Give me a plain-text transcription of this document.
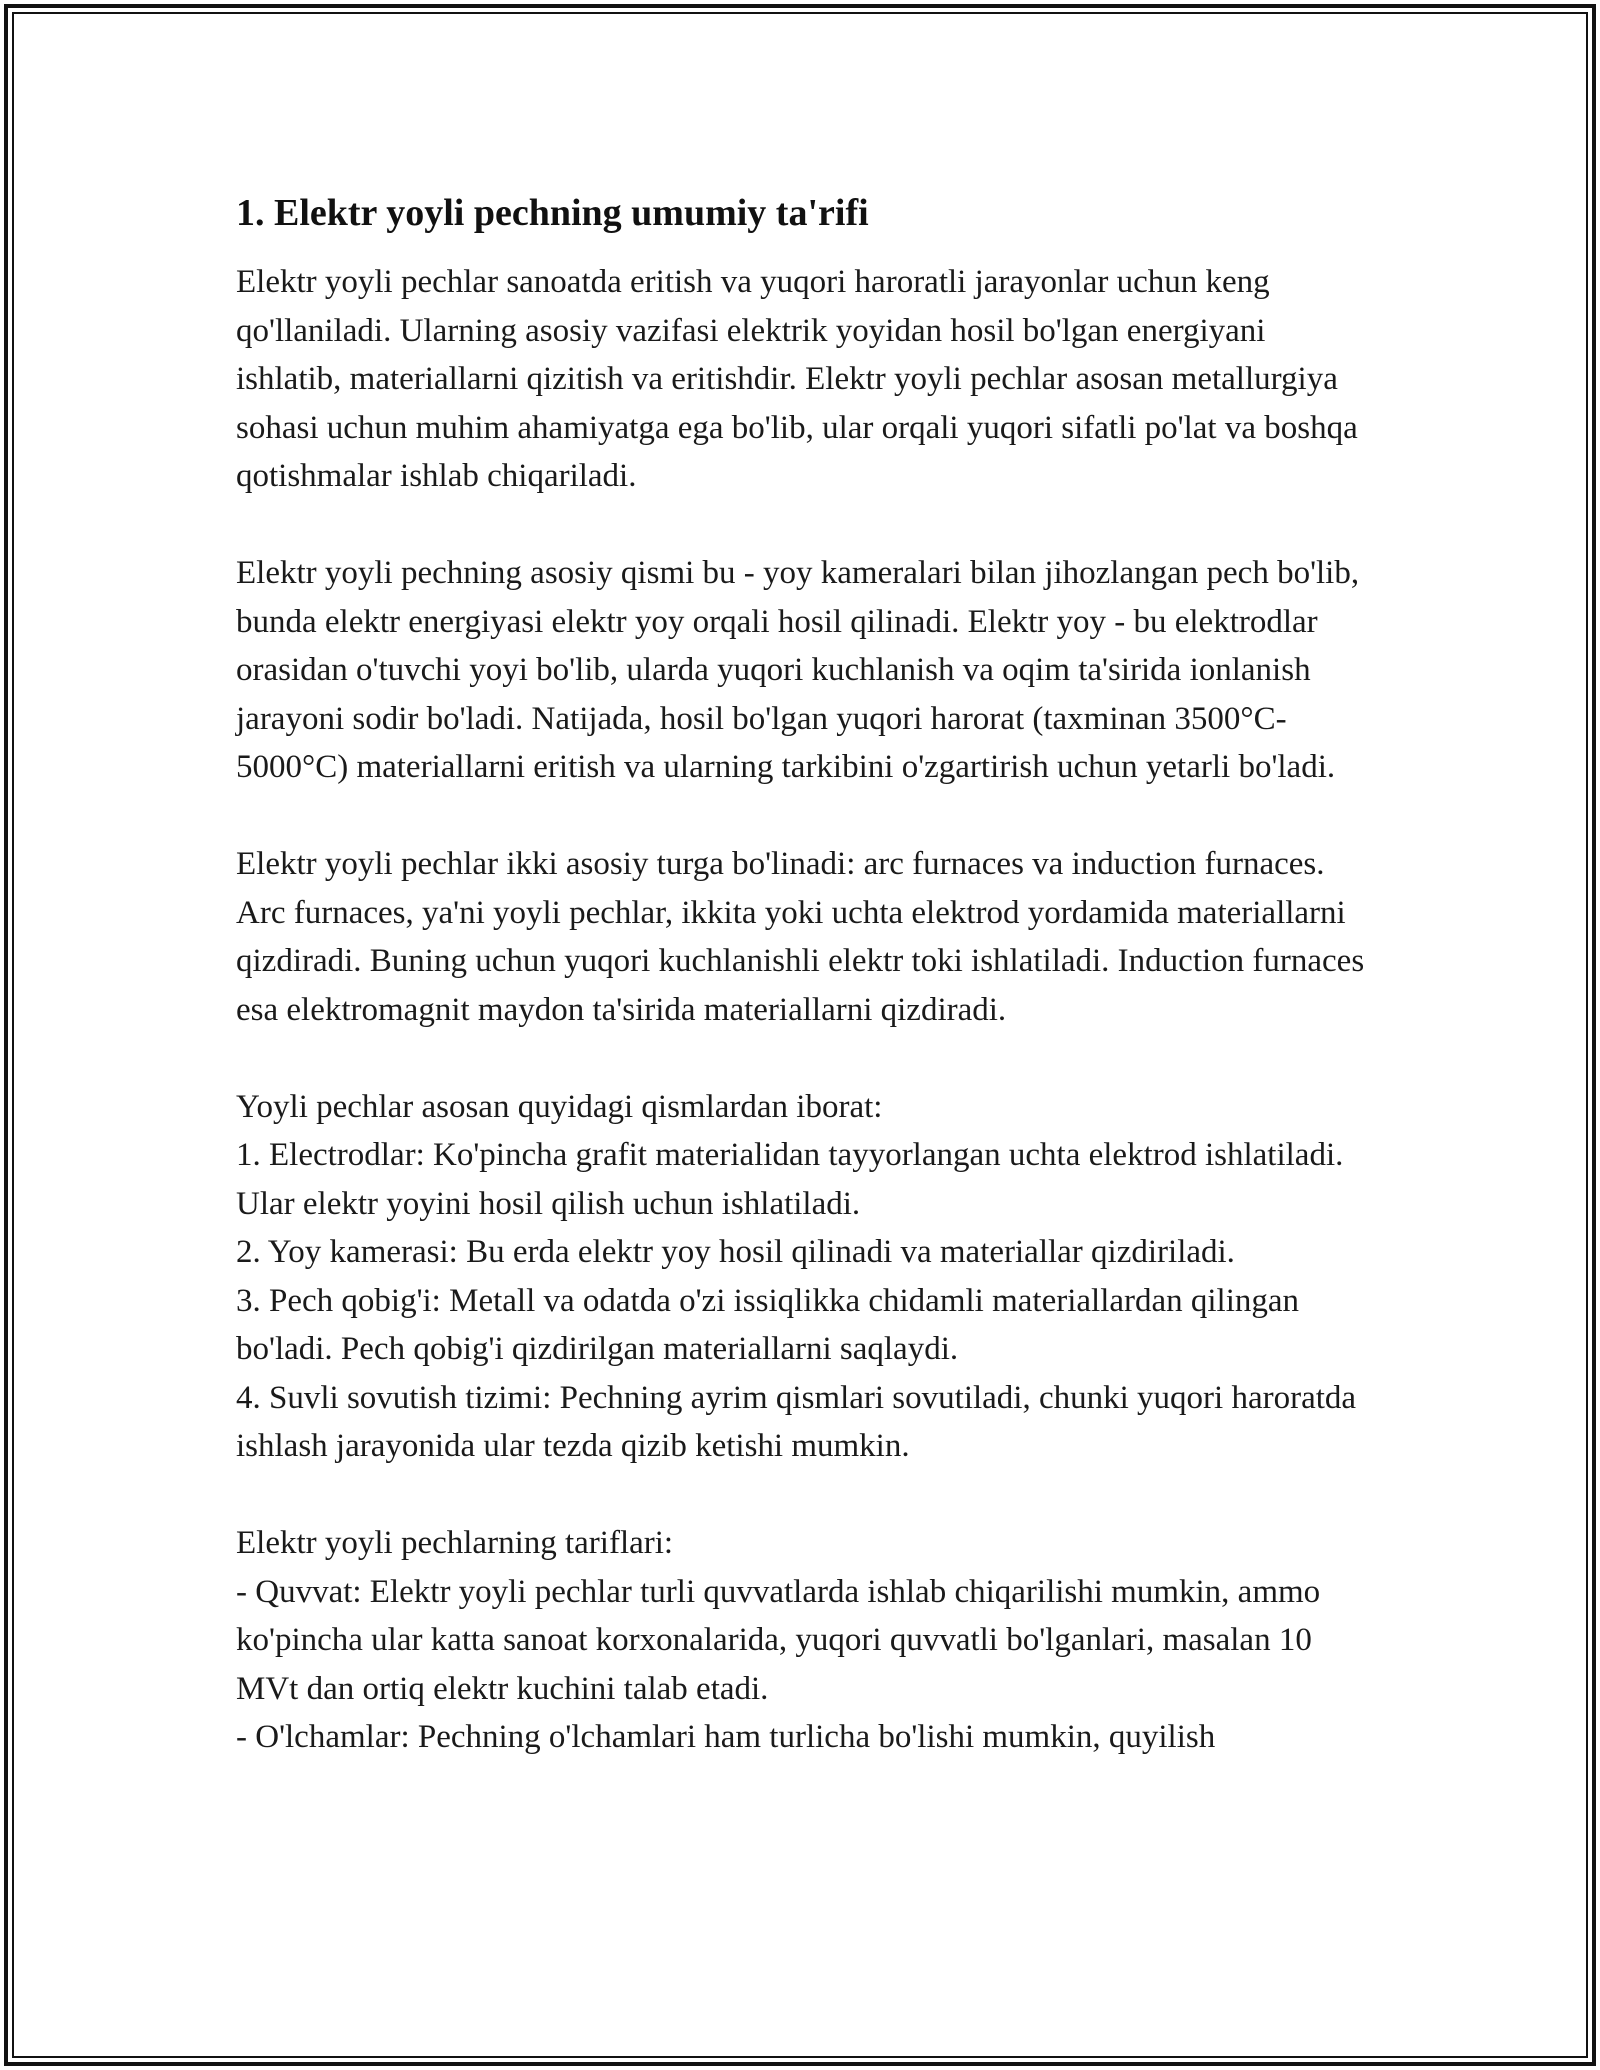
1. Elektr yoyli pechning umumiy ta'rifi

Elektr yoyli pechlar sanoatda eritish va yuqori haroratli jarayonlar uchun keng qo'llaniladi. Ularning asosiy vazifasi elektrik yoyidan hosil bo'lgan energiyani ishlatib, materiallarni qizitish va eritishdir. Elektr yoyli pechlar asosan metallurgiya sohasi uchun muhim ahamiyatga ega bo'lib, ular orqali yuqori sifatli po'lat va boshqa qotishmalar ishlab chiqariladi.

Elektr yoyli pechning asosiy qismi bu - yoy kameralari bilan jihozlangan pech bo'lib, bunda elektr energiyasi elektr yoy orqali hosil qilinadi. Elektr yoy - bu elektrodlar orasidan o'tuvchi yoyi bo'lib, ularda yuqori kuchlanish va oqim ta'sirida ionlanish jarayoni sodir bo'ladi. Natijada, hosil bo'lgan yuqori harorat (taxminan 3500°C-5000°C) materiallarni eritish va ularning tarkibini o'zgartirish uchun yetarli bo'ladi.

Elektr yoyli pechlar ikki asosiy turga bo'linadi: arc furnaces va induction furnaces. Arc furnaces, ya'ni yoyli pechlar, ikkita yoki uchta elektrod yordamida materiallarni qizdiradi. Buning uchun yuqori kuchlanishli elektr toki ishlatiladi. Induction furnaces esa elektromagnit maydon ta'sirida materiallarni qizdiradi.

Yoyli pechlar asosan quyidagi qismlardan iborat:
1. Electrodlar: Ko'pincha grafit materialidan tayyorlangan uchta elektrod ishlatiladi. Ular elektr yoyini hosil qilish uchun ishlatiladi.
2. Yoy kamerasi: Bu erda elektr yoy hosil qilinadi va materiallar qizdiriladi.
3. Pech qobig'i: Metall va odatda o'zi issiqlikka chidamli materiallardan qilingan bo'ladi. Pech qobig'i qizdirilgan materiallarni saqlaydi.
4. Suvli sovutish tizimi: Pechning ayrim qismlari sovutiladi, chunki yuqori haroratda ishlash jarayonida ular tezda qizib ketishi mumkin.
Elektr yoyli pechlarning tariflari:
- Quvvat: Elektr yoyli pechlar turli quvvatlarda ishlab chiqarilishi mumkin, ammo ko'pincha ular katta sanoat korxonalarida, yuqori quvvatli bo'lganlari, masalan 10 MVt dan ortiq elektr kuchini talab etadi.
- O'lchamlar: Pechning o'lchamlari ham turlicha bo'lishi mumkin, quyilish
